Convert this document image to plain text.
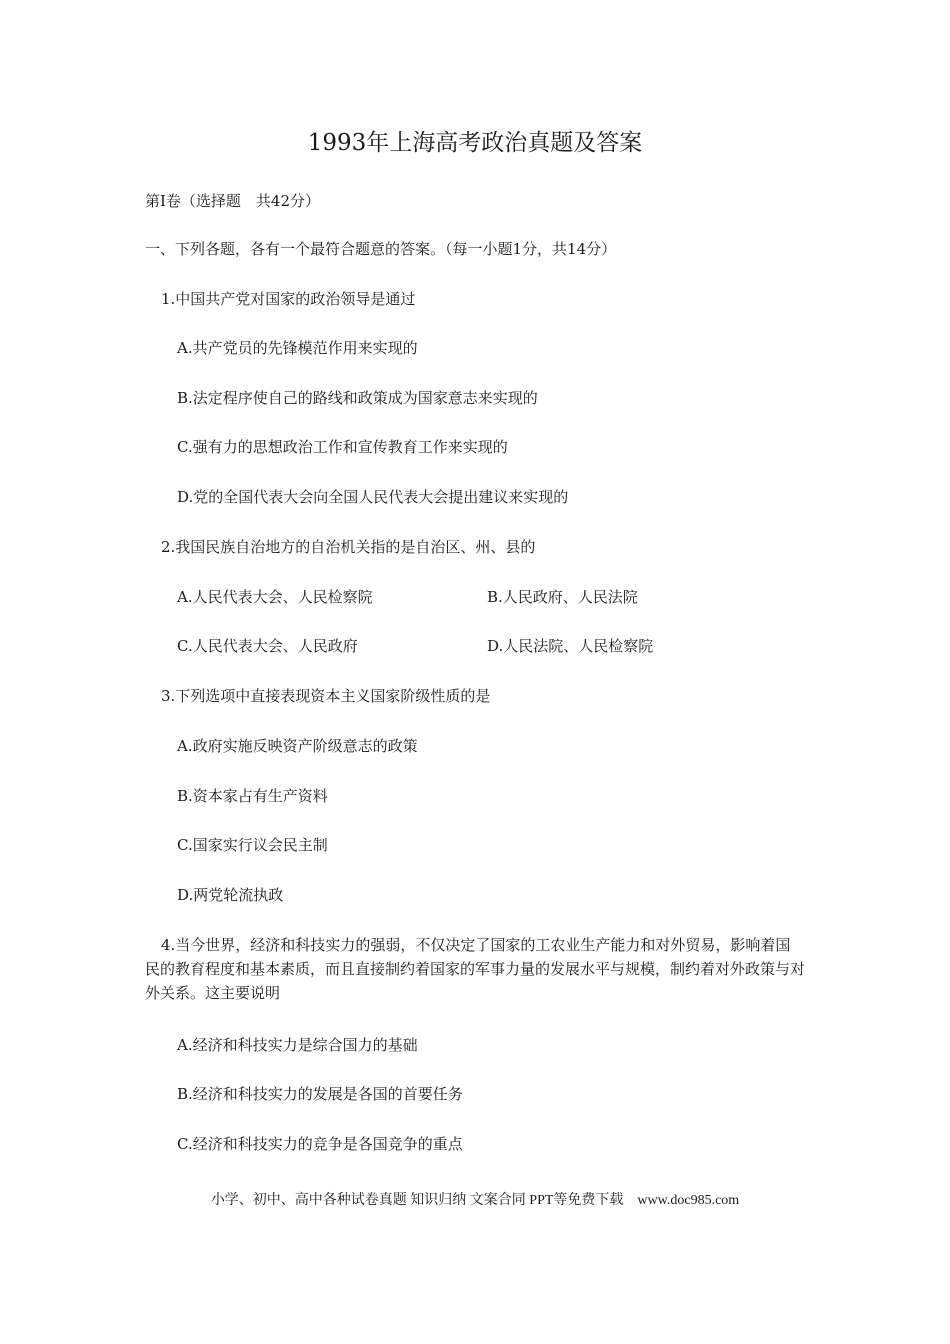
1993年上海高考政治真题及答案
第Ⅰ卷（选择题　共42分）
一、下列各题，各有一个最符合题意的答案。（每一小题1分，共14分）
1.中国共产党对国家的政治领导是通过
A.共产党员的先锋模范作用来实现的
B.法定程序使自己的路线和政策成为国家意志来实现的
C.强有力的思想政治工作和宣传教育工作来实现的
D.党的全国代表大会向全国人民代表大会提出建议来实现的
2.我国民族自治地方的自治机关指的是自治区、州、县的
A.人民代表大会、人民检察院	B.人民政府、人民法院
C.人民代表大会、人民政府	D.人民法院、人民检察院
3.下列选项中直接表现资本主义国家阶级性质的是
A.政府实施反映资产阶级意志的政策
B.资本家占有生产资料
C.国家实行议会民主制
D.两党轮流执政
4.当今世界，经济和科技实力的强弱，不仅决定了国家的工农业生产能力和对外贸易，影响着国民的教育程度和基本素质，而且直接制约着国家的军事力量的发展水平与规模，制约着对外政策与对外关系。这主要说明
A.经济和科技实力是综合国力的基础
B.经济和科技实力的发展是各国的首要任务
C.经济和科技实力的竞争是各国竞争的重点
小学、初中、高中各种试卷真题 知识归纳 文案合同 PPT等免费下载　www.doc985.com
